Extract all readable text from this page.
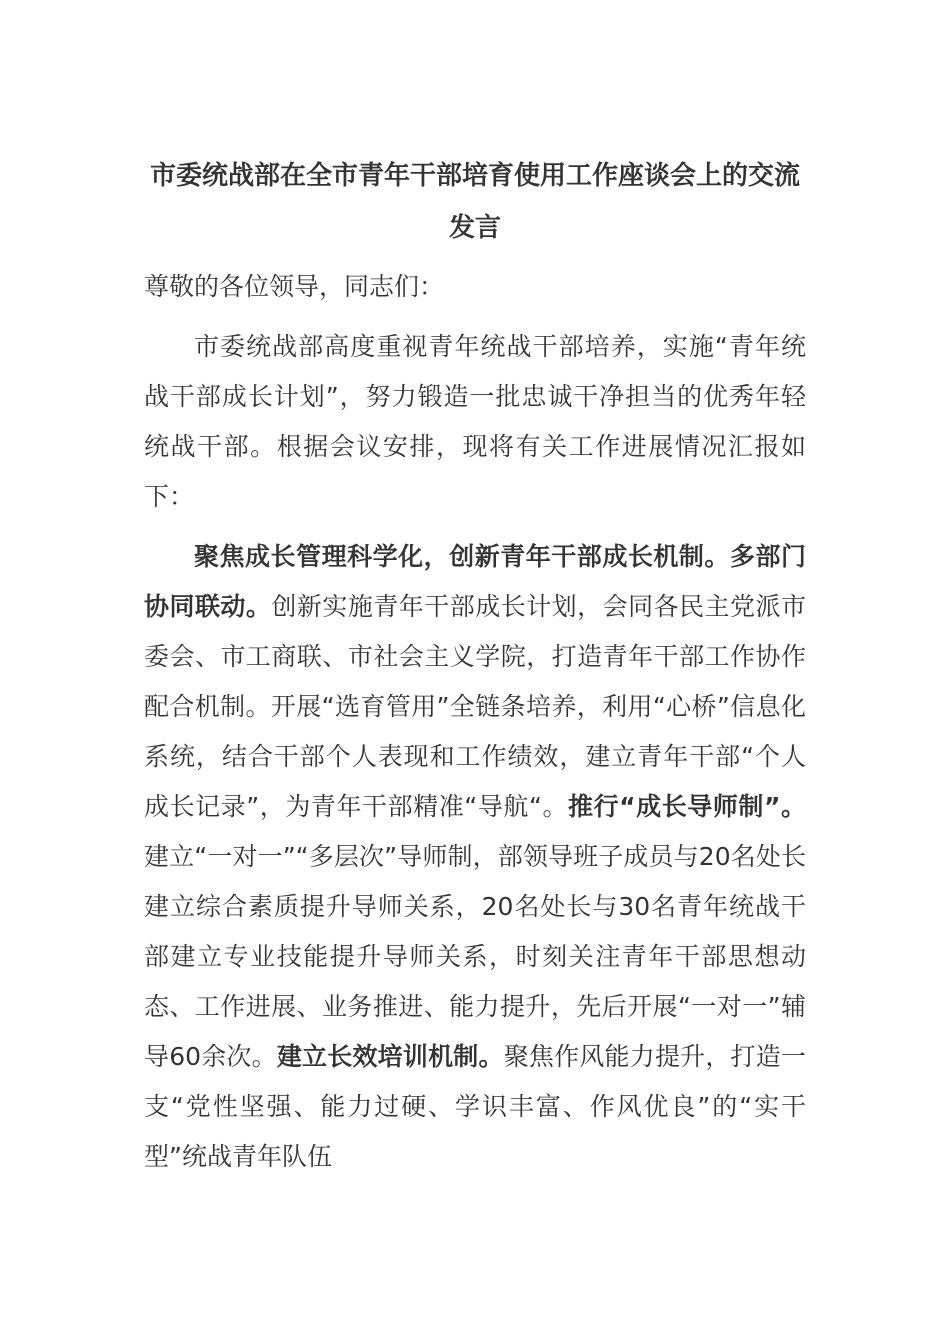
市委统战部在全市青年干部培育使用工作座谈会上的交流发言

尊敬的各位领导，同志们：

市委统战部高度重视青年统战干部培养，实施“青年统战干部成长计划”，努力锻造一批忠诚干净担当的优秀年轻统战干部。根据会议安排，现将有关工作进展情况汇报如下：

聚焦成长管理科学化，创新青年干部成长机制。多部门协同联动。创新实施青年干部成长计划，会同各民主党派市委会、市工商联、市社会主义学院，打造青年干部工作协作配合机制。开展“选育管用”全链条培养，利用“心桥”信息化系统，结合干部个人表现和工作绩效，建立青年干部“个人成长记录”，为青年干部精准“导航“。推行“成长导师制”。建立“一对一”“多层次”导师制，部领导班子成员与20名处长建立综合素质提升导师关系，20名处长与30名青年统战干部建立专业技能提升导师关系，时刻关注青年干部思想动态、工作进展、业务推进、能力提升，先后开展“一对一”辅导60余次。建立长效培训机制。聚焦作风能力提升，打造一支“党性坚强、能力过硬、学识丰富、作风优良”的“实干型”统战青年队伍
